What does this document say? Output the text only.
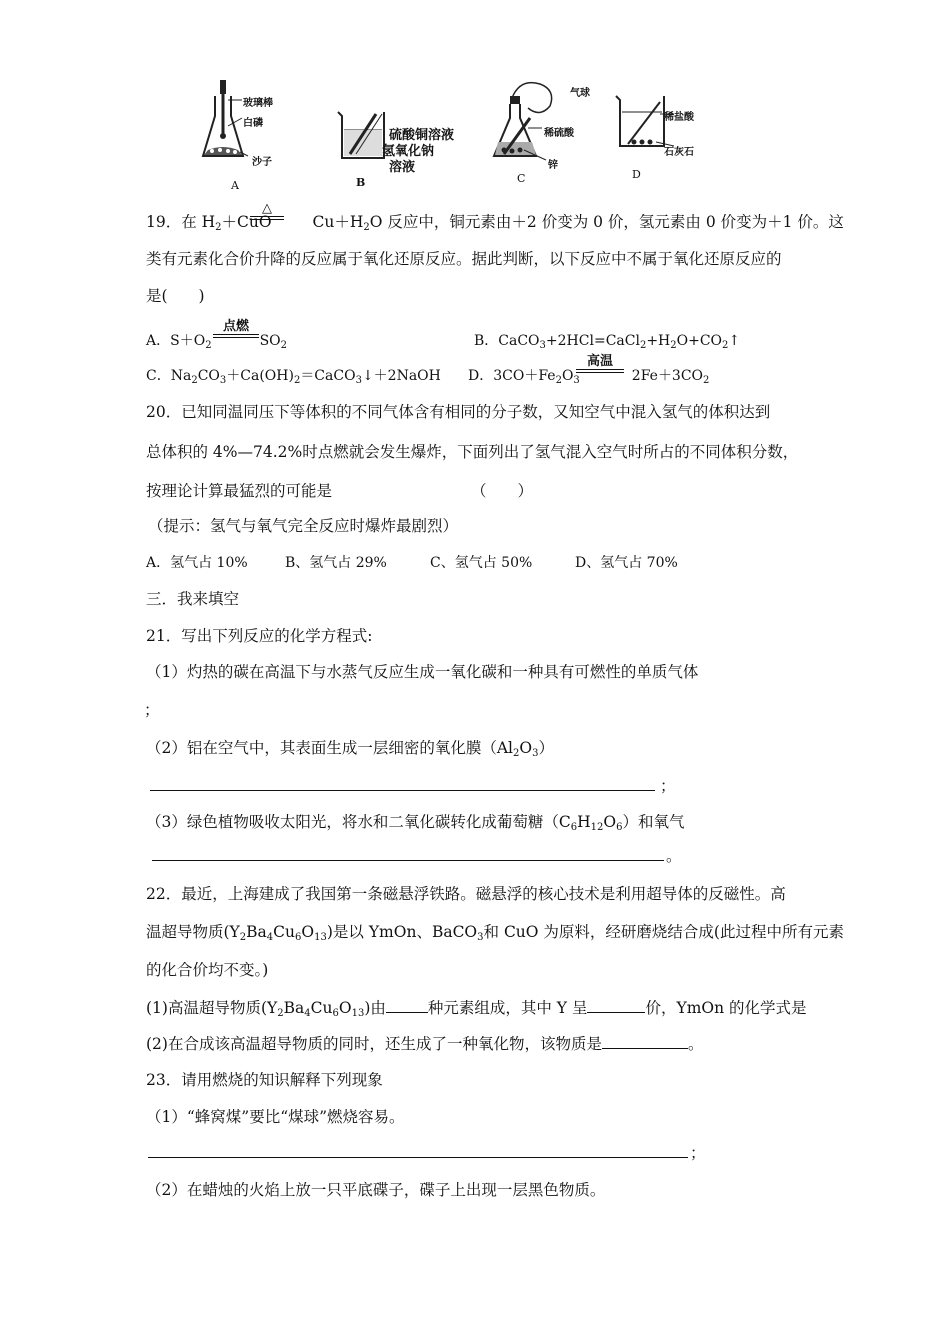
玻璃棒
白磷
沙子
A
硫酸铜溶液
氢氧化钠
溶液
B
气球
稀硫酸
锌
C
稀盐酸
石灰石
D
19．在 $H_2+CuO$ $Cu+H_2O$ 反应中，铜元素由＋2 价变为 0 价，氢元素由 0 价变为＋1 价。这
△
类有元素化合价升降的反应属于氧化还原反应。据此判断，以下反应中不属于氧化还原反应的
是(　　)
A．$S+O_2$	$SO_2$
点燃
B．$CaCO_3+2HCl=CaCl_2+H_2O+CO_2↑$
C．$Na_2CO_3+Ca(OH)_2=CaCO_3↓+2NaOH$ D．$3CO+Fe_2O_3$	$2Fe+3CO_2$
高温
20．已知同温同压下等体积的不同气体含有相同的分子数，又知空气中混入氢气的体积达到
总体积的 4%—74.2%时点燃就会发生爆炸，下面列出了氢气混入空气时所占的不同体积分数，
按理论计算最猛烈的可能是	（　　）
（提示：氢气与氧气完全反应时爆炸最剧烈）
A．氢气占 10%	B、氢气占 29%	C、氢气占 50%	D、氢气占 70%
三．我来填空
21．写出下列反应的化学方程式:
（1）灼热的碳在高温下与水蒸气反应生成一氧化碳和一种具有可燃性的单质气体
；
（2）铝在空气中，其表面生成一层细密的氧化膜$(Al_2O_3)$
；
（3）绿色植物吸收太阳光，将水和二氧化碳转化成葡萄糖$(C_6H_{12}O_6)$和氧气
。
22．最近，上海建成了我国第一条磁悬浮铁路。磁悬浮的核心技术是利用超导体的反磁性。高
温超导物质$(Y_2Ba_4Cu_6O_{13})$是以 YmOn、BaCO$_3$和 CuO 为原料，经研磨烧结合成(此过程中所有元素
的化合价均不变。)
(1)高温超导物质$(Y_2Ba_4Cu_6O_{13})$由	种元素组成，其中 Y 呈	价，YmOn 的化学式是
(2)在合成该高温超导物质的同时，还生成了一种氧化物，该物质是	。
23．请用燃烧的知识解释下列现象
（1）“蜂窝煤”要比“煤球”燃烧容易。
；
（2）在蜡烛的火焰上放一只平底碟子，碟子上出现一层黑色物质。
